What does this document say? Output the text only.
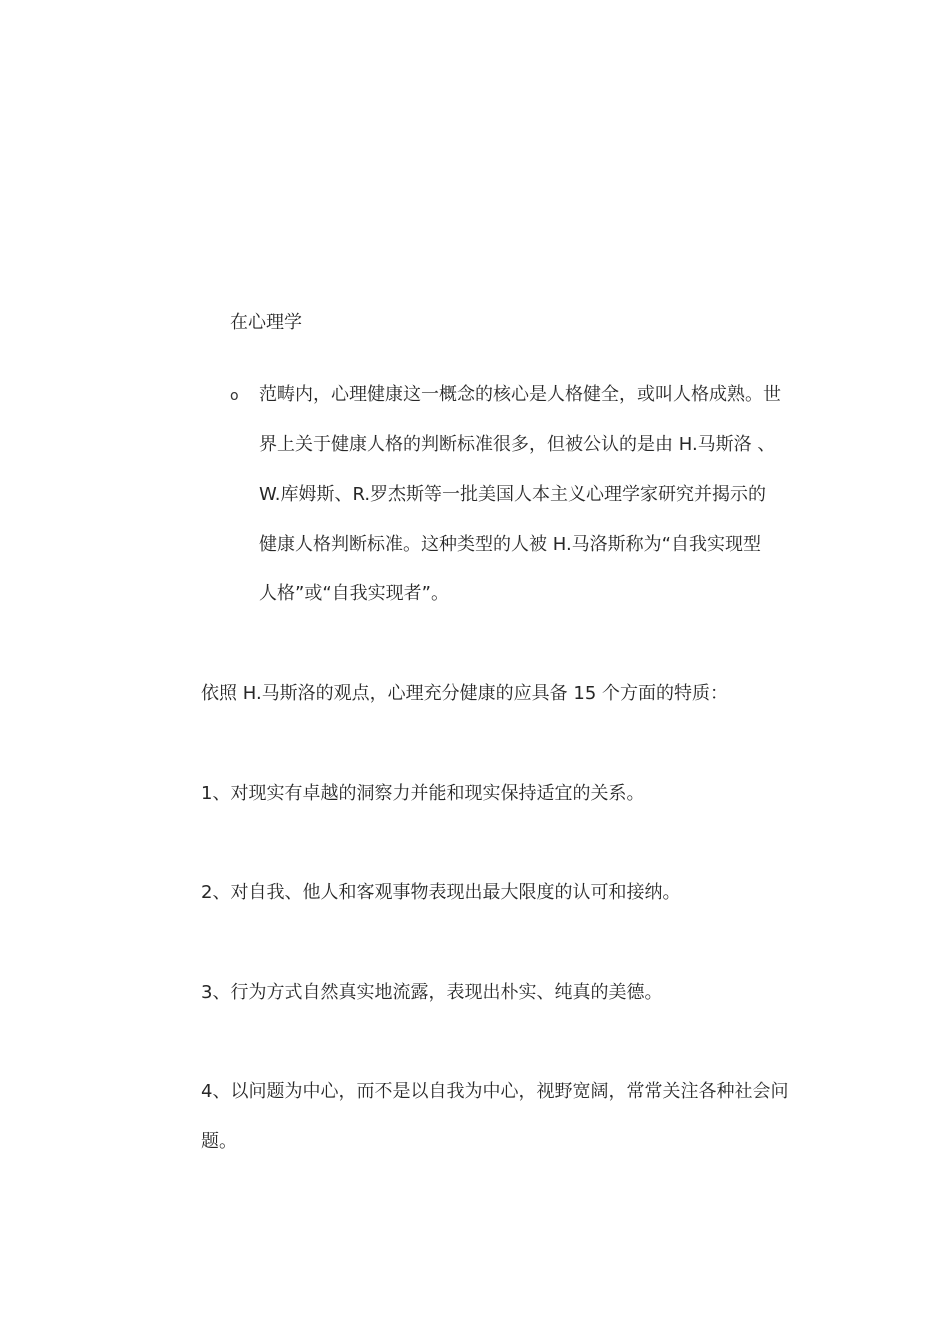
在心理学
o 范畴内，心理健康这一概念的核心是人格健全，或叫人格成熟。世
界上关于健康人格的判断标准很多，但被公认的是由 H.马斯洛 、
W.库姆斯、R.罗杰斯等一批美国人本主义心理学家研究并揭示的
健康人格判断标准。这种类型的人被 H.马洛斯称为“自我实现型
人格”或“自我实现者”。
依照 H.马斯洛的观点，心理充分健康的应具备 15 个方面的特质：
1、对现实有卓越的洞察力并能和现实保持适宜的关系。
2、对自我、他人和客观事物表现出最大限度的认可和接纳。
3、行为方式自然真实地流露，表现出朴实、纯真的美德。
4、以问题为中心，而不是以自我为中心，视野宽阔，常常关注各种社会问
题。
